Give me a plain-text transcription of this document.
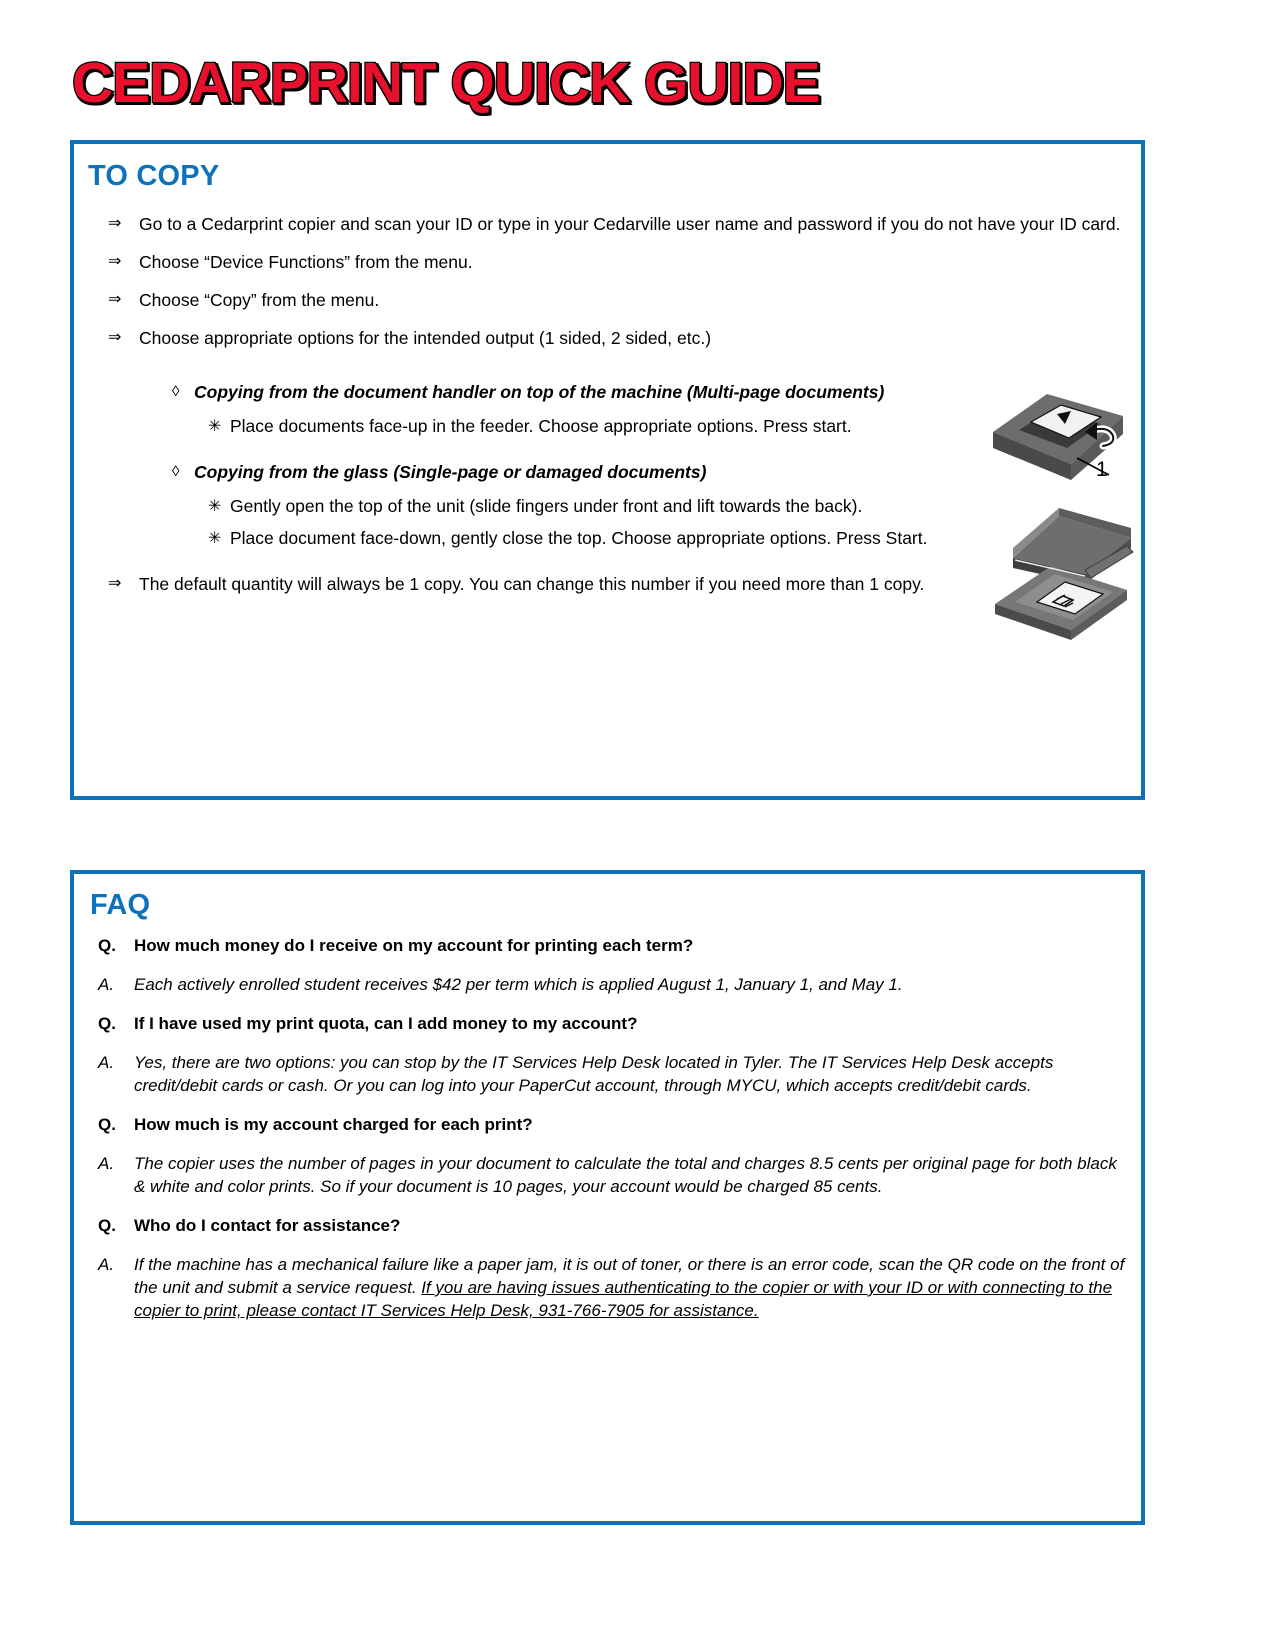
CEDARPRINT QUICK GUIDE
TO COPY
⇒ Go to a Cedarprint copier and scan your ID or type in your Cedarville user name and password if you do not have your ID card.
⇒ Choose “Device Functions” from the menu.
⇒ Choose “Copy” from the menu.
⇒ Choose appropriate options for the intended output (1 sided, 2 sided, etc.)
◊ Copying from the document handler on top of the machine (Multi-page documents)
✳ Place documents face-up in the feeder. Choose appropriate options. Press start.
◊ Copying from the glass (Single-page or damaged documents)
✳ Gently open the top of the unit (slide fingers under front and lift towards the back).
✳ Place document face-down, gently close the top. Choose appropriate options. Press Start.
⇒ The default quantity will always be 1 copy. You can change this number if you need more than 1 copy.
1
FAQ
Q. How much money do I receive on my account for printing each term?
A. Each actively enrolled student receives $42 per term which is applied August 1, January 1, and May 1.
Q. If I have used my print quota, can I add money to my account?
A. Yes, there are two options: you can stop by the IT Services Help Desk located in Tyler. The IT Services Help Desk accepts credit/debit cards or cash. Or you can log into your PaperCut account, through MYCU, which accepts credit/debit cards.
Q. How much is my account charged for each print?
A. The copier uses the number of pages in your document to calculate the total and charges 8.5 cents per original page for both black & white and color prints. So if your document is 10 pages, your account would be charged 85 cents.
Q. Who do I contact for assistance?
A. If the machine has a mechanical failure like a paper jam, it is out of toner, or there is an error code, scan the QR code on the front of the unit and submit a service request. If you are having issues authenticating to the copier or with your ID or with connecting to the copier to print, please contact IT Services Help Desk, 931-766-7905 for assistance.
